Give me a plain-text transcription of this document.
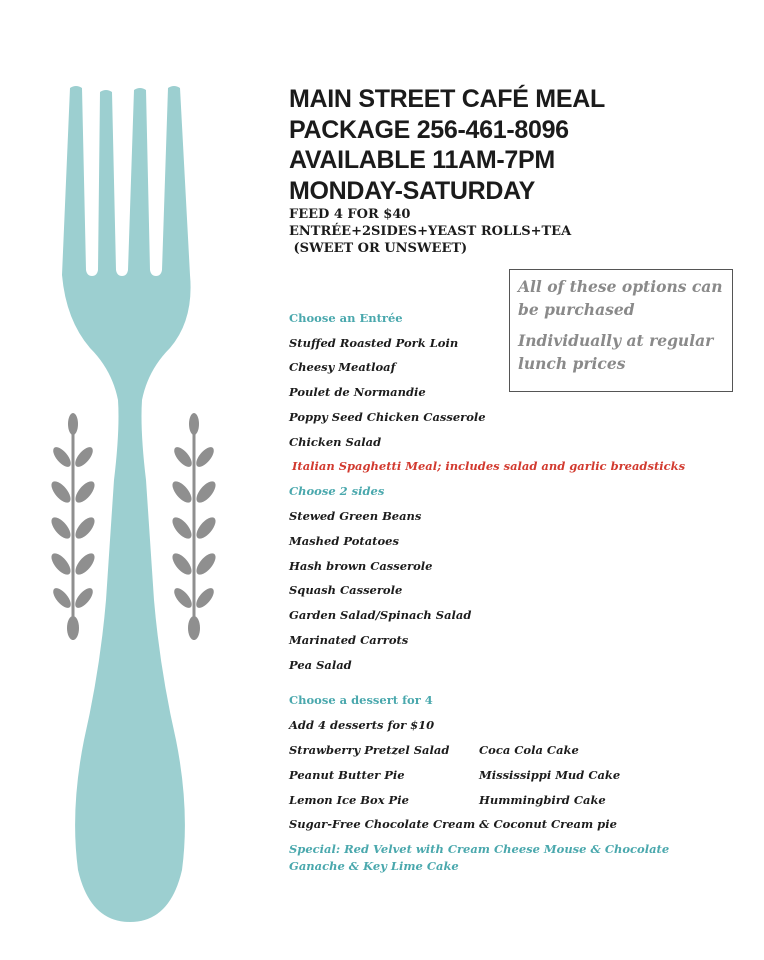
MAIN STREET CAFÉ MEAL
PACKAGE 256-461-8096
AVAILABLE 11AM-7PM
MONDAY-SATURDAY
FEED 4 FOR $40
ENTRÉE+2SIDES+YEAST ROLLS+TEA
(SWEET OR UNSWEET)

All of these options can be purchased

Individually at regular lunch prices

Choose an Entrée
Stuffed Roasted Pork Loin
Cheesy Meatloaf
Poulet de Normandie
Poppy Seed Chicken Casserole
Chicken Salad
Italian Spaghetti Meal; includes salad and garlic breadsticks
Choose 2 sides
Stewed Green Beans
Mashed Potatoes
Hash brown Casserole
Squash Casserole
Garden Salad/Spinach Salad
Marinated Carrots
Pea Salad
Choose a dessert for 4
Add 4 desserts for $10
Strawberry Pretzel Salad	Coca Cola Cake
Peanut Butter Pie	Mississippi Mud Cake
Lemon Ice Box Pie	Hummingbird Cake
Sugar-Free Chocolate Cream & Coconut Cream pie
Special: Red Velvet with Cream Cheese Mouse & Chocolate
Ganache & Key Lime Cake
